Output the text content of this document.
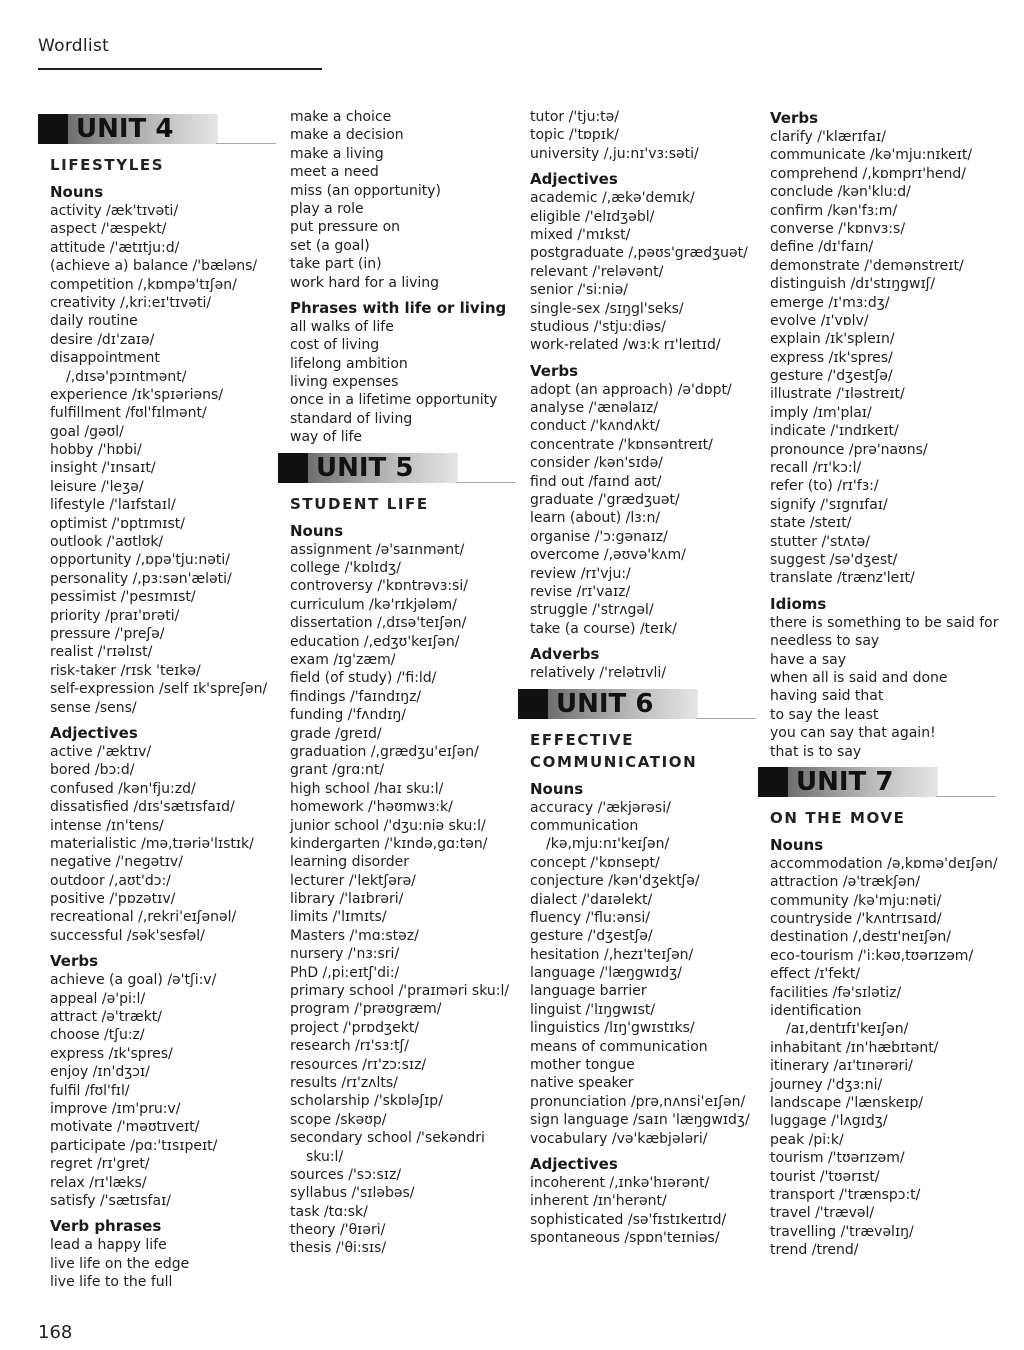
Wordlist
UNIT 4
LIFESTYLES
Nouns
activity /æk'tɪvəti/
aspect /'æspekt/
attitude /'ætɪtju:d/
(achieve a) balance /'bæləns/
competition /,kɒmpə'tɪʃən/
creativity /,kri:eɪ'tɪvəti/
daily routine
desire /dɪ'zaɪə/
disappointment
/,dɪsə'pɔɪntmənt/
experience /ɪk'spɪəriəns/
fulfillment /fʊl'fɪlmənt/
goal /gəʊl/
hobby /'hɒbi/
insight /'ɪnsaɪt/
leisure /'leʒə/
lifestyle /'laɪfstaɪl/
optimist /'ɒptɪmɪst/
outlook /'aʊtlʊk/
opportunity /,ɒpə'tju:nəti/
personality /,pɜ:sən'æləti/
pessimist /'pesɪmɪst/
priority /praɪ'ɒrəti/
pressure /'preʃə/
realist /'rɪəlɪst/
risk-taker /rɪsk 'teɪkə/
self-expression /self ɪk'spreʃən/
sense /sens/
Adjectives
active /'æktɪv/
bored /bɔ:d/
confused /kən'fju:zd/
dissatisfied /dɪs'sætɪsfaɪd/
intense /ɪn'tens/
materialistic /mə,tɪəriə'lɪstɪk/
negative /'negətɪv/
outdoor /,aʊt'dɔ:/
positive /'pɒzətɪv/
recreational /,rekri'eɪʃənəl/
successful /sək'sesfəl/
Verbs
achieve (a goal) /ə'tʃi:v/
appeal /ə'pi:l/
attract /ə'trækt/
choose /tʃu:z/
express /ɪk'spres/
enjoy /ɪn'dʒɔɪ/
fulfil /fʊl'fɪl/
improve /ɪm'pru:v/
motivate /'məʊtɪveɪt/
participate /pɑ:'tɪsɪpeɪt/
regret /rɪ'gret/
relax /rɪ'læks/
satisfy /'sætɪsfaɪ/
Verb phrases
lead a happy life
live life on the edge
live life to the full
make a choice
make a decision
make a living
meet a need
miss (an opportunity)
play a role
put pressure on
set (a goal)
take part (in)
work hard for a living
Phrases with life or living
all walks of life
cost of living
lifelong ambition
living expenses
once in a lifetime opportunity
standard of living
way of life
UNIT 5
STUDENT LIFE
Nouns
assignment /ə'saɪnmənt/
college /'kɒlɪdʒ/
controversy /'kɒntrəvɜ:si/
curriculum /kə'rɪkjələm/
dissertation /,dɪsə'teɪʃən/
education /,edʒʊ'keɪʃən/
exam /ɪg'zæm/
field (of study) /'fi:ld/
findings /'faɪndɪŋz/
funding /'fʌndɪŋ/
grade /greɪd/
graduation /,grædʒu'eɪʃən/
grant /grɑ:nt/
high school /haɪ sku:l/
homework /'həʊmwɜ:k/
junior school /'dʒu:niə sku:l/
kindergarten /'kɪndə,gɑ:tən/
learning disorder
lecturer /'lektʃərə/
library /'laɪbrəri/
limits /'lɪmɪts/
Masters /'mɑ:stəz/
nursery /'nɜ:sri/
PhD /,pi:eɪtʃ'di:/
primary school /'praɪməri sku:l/
program /'prəʊgræm/
project /'prɒdʒekt/
research /rɪ'sɜ:tʃ/
resources /rɪ'zɔ:sɪz/
results /rɪ'zʌlts/
scholarship /'skɒləʃɪp/
scope /skəʊp/
secondary school /'sekəndri
sku:l/
sources /'sɔ:sɪz/
syllabus /'sɪləbəs/
task /tɑ:sk/
theory /'θɪəri/
thesis /'θi:sɪs/
tutor /'tju:tə/
topic /'tɒpɪk/
university /,ju:nɪ'vɜ:səti/
Adjectives
academic /,ækə'demɪk/
eligible /'elɪdʒəbl/
mixed /'mɪkst/
postgraduate /,pəʊs'grædʒuət/
relevant /'reləvənt/
senior /'si:niə/
single-sex /sɪŋgl'seks/
studious /'stju:diəs/
work-related /wɜ:k rɪ'leɪtɪd/
Verbs
adopt (an approach) /ə'dɒpt/
analyse /'ænəlaɪz/
conduct /'kʌndʌkt/
concentrate /'kɒnsəntreɪt/
consider /kən'sɪdə/
find out /faɪnd aʊt/
graduate /'grædʒuət/
learn (about) /lɜ:n/
organise /'ɔ:gənaɪz/
overcome /,əʊvə'kʌm/
review /rɪ'vju:/
revise /rɪ'vaɪz/
struggle /'strʌgəl/
take (a course) /teɪk/
Adverbs
relatively /'relətɪvli/
UNIT 6
EFFECTIVE COMMUNICATION
Nouns
accuracy /'ækjərəsi/
communication
/kə,mju:nɪ'keɪʃən/
concept /'kɒnsept/
conjecture /kən'dʒektʃə/
dialect /'daɪəlekt/
fluency /'flu:ənsi/
gesture /'dʒestʃə/
hesitation /,hezɪ'teɪʃən/
language /'læŋgwɪdʒ/
language barrier
linguist /'lɪŋgwɪst/
linguistics /lɪŋ'gwɪstɪks/
means of communication
mother tongue
native speaker
pronunciation /prə,nʌnsi'eɪʃən/
sign language /saɪn 'læŋgwɪdʒ/
vocabulary /və'kæbjələri/
Adjectives
incoherent /,ɪnkə'hɪərənt/
inherent /ɪn'herənt/
sophisticated /sə'fɪstɪkeɪtɪd/
spontaneous /spɒn'teɪniəs/
Verbs
clarify /'klærɪfaɪ/
communicate /kə'mju:nɪkeɪt/
comprehend /,kɒmprɪ'hend/
conclude /kən'klu:d/
confirm /kən'fɜ:m/
converse /'kɒnvɜ:s/
define /dɪ'faɪn/
demonstrate /'demənstreɪt/
distinguish /dɪ'stɪŋgwɪʃ/
emerge /ɪ'mɜ:dʒ/
evolve /ɪ'vɒlv/
explain /ɪk'spleɪn/
express /ɪk'spres/
gesture /'dʒestʃə/
illustrate /'ɪləstreɪt/
imply /ɪm'plaɪ/
indicate /'ɪndɪkeɪt/
pronounce /prə'naʊns/
recall /rɪ'kɔ:l/
refer (to) /rɪ'fɜ:/
signify /'sɪgnɪfaɪ/
state /steɪt/
stutter /'stʌtə/
suggest /sə'dʒest/
translate /trænz'leɪt/
Idioms
there is something to be said for
needless to say
have a say
when all is said and done
having said that
to say the least
you can say that again!
that is to say
UNIT 7
ON THE MOVE
Nouns
accommodation /ə,kɒmə'deɪʃən/
attraction /ə'trækʃən/
community /kə'mju:nəti/
countryside /'kʌntrɪsaɪd/
destination /,destɪ'neɪʃən/
eco-tourism /'i:kəʊ,tʊərɪzəm/
effect /ɪ'fekt/
facilities /fə'sɪlətiz/
identification
/aɪ,dentɪfɪ'keɪʃən/
inhabitant /ɪn'hæbɪtənt/
itinerary /aɪ'tɪnərəri/
journey /'dʒɜ:ni/
landscape /'lænskeɪp/
luggage /'lʌgɪdʒ/
peak /pi:k/
tourism /'tʊərɪzəm/
tourist /'tʊərɪst/
transport /'trænspɔ:t/
travel /'trævəl/
travelling /'trævəlɪŋ/
trend /trend/
168
